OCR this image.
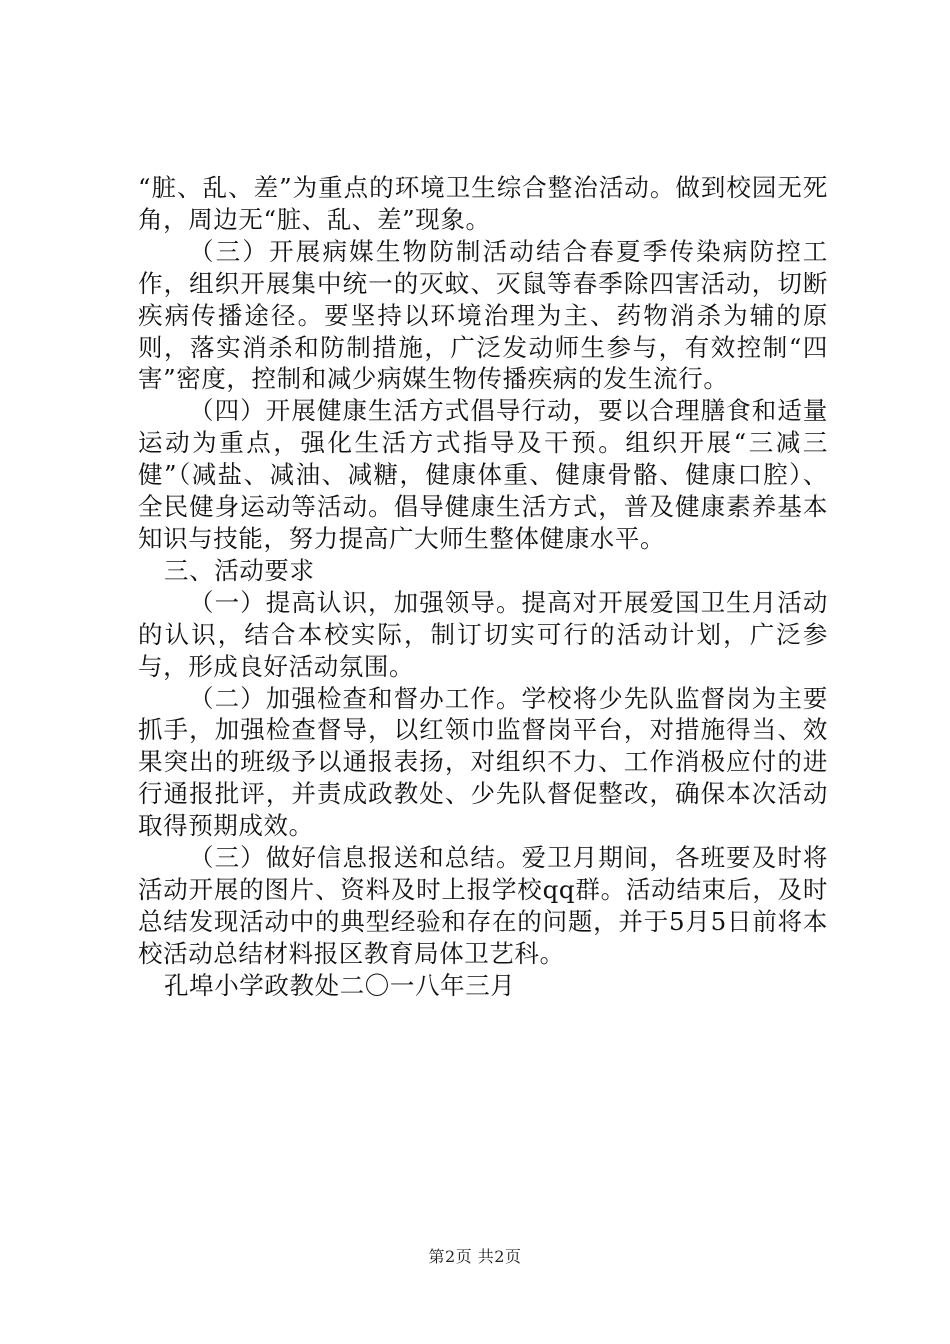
“脏、乱、差”为重点的环境卫生综合整治活动。做到校园无死角，周边无“脏、乱、差”现象。

（三）开展病媒生物防制活动结合春夏季传染病防控工作，组织开展集中统一的灭蚊、灭鼠等春季除四害活动，切断疾病传播途径。要坚持以环境治理为主、药物消杀为辅的原则，落实消杀和防制措施，广泛发动师生参与，有效控制“四害”密度，控制和减少病媒生物传播疾病的发生流行。

（四）开展健康生活方式倡导行动，要以合理膳食和适量运动为重点，强化生活方式指导及干预。组织开展“三减三健”（减盐、减油、减糖，健康体重、健康骨骼、健康口腔）、全民健身运动等活动。倡导健康生活方式，普及健康素养基本知识与技能，努力提高广大师生整体健康水平。

三、活动要求

（一）提高认识，加强领导。提高对开展爱国卫生月活动的认识，结合本校实际，制订切实可行的活动计划，广泛参与，形成良好活动氛围。

（二）加强检查和督办工作。学校将少先队监督岗为主要抓手，加强检查督导，以红领巾监督岗平台，对措施得当、效果突出的班级予以通报表扬，对组织不力、工作消极应付的进行通报批评，并责成政教处、少先队督促整改，确保本次活动取得预期成效。

（三）做好信息报送和总结。爱卫月期间，各班要及时将活动开展的图片、资料及时上报学校qq群。活动结束后，及时总结发现活动中的典型经验和存在的问题，并于5月5日前将本校活动总结材料报区教育局体卫艺科。

孔埠小学政教处二〇一八年三月

第2页 共2页
